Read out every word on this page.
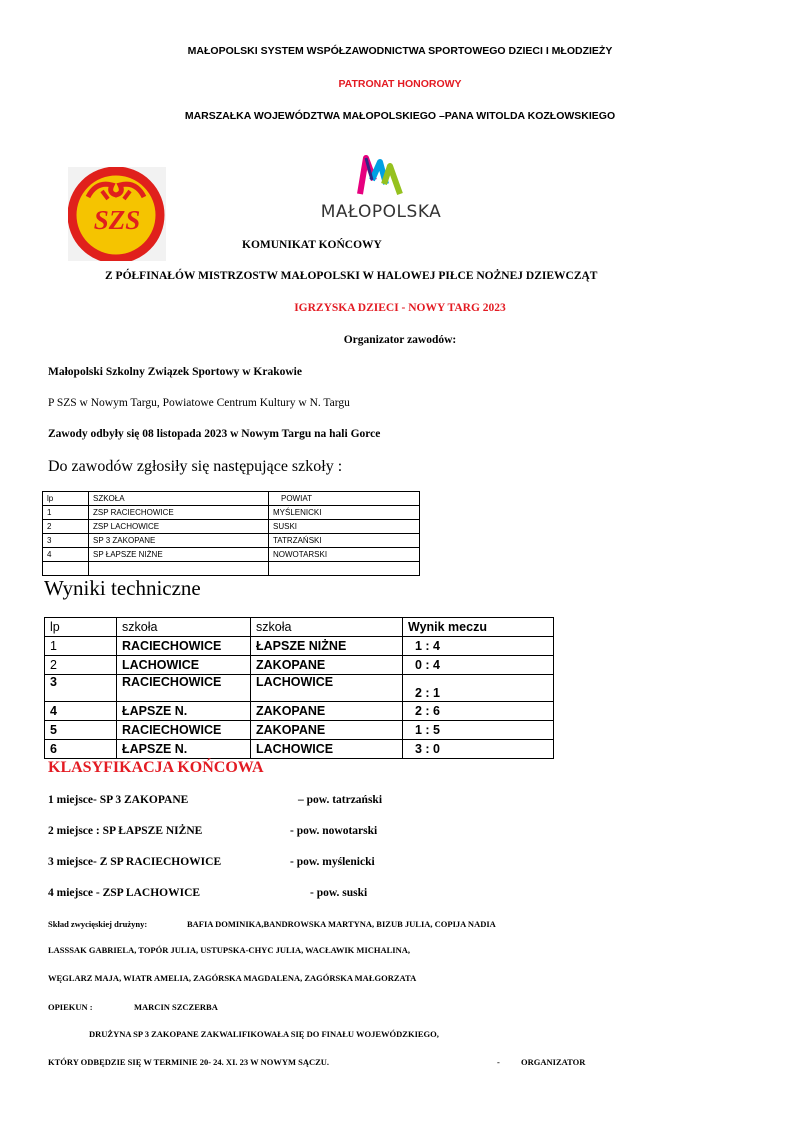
MAŁOPOLSKI SYSTEM WSPÓŁZAWODNICTWA SPORTOWEGO DZIECI I MŁODZIEŻY
PATRONAT HONOROWY
MARSZAŁKA WOJEWÓDZTWA MAŁOPOLSKIEGO –PANA WITOLDA KOZŁOWSKIEGO
SZS	MAŁOPOLSKA
KOMUNIKAT KOŃCOWY
Z PÓŁFINAŁÓW MISTRZOSTW MAŁOPOLSKI W HALOWEJ PIŁCE NOŻNEJ DZIEWCZĄT
IGRZYSKA DZIECI - NOWY TARG 2023
Organizator zawodów:
Małopolski Szkolny Związek Sportowy w Krakowie
P SZS w Nowym Targu, Powiatowe Centrum Kultury w N. Targu
Zawody odbyły się 08 listopada 2023 w Nowym Targu na hali Gorce
Do zawodów zgłosiły się następujące szkoły :
lp	SZKOŁA	POWIAT
1	ZSP RACIECHOWICE	MYŚLENICKI
2	ZSP LACHOWICE	SUSKI
3	SP 3 ZAKOPANE	TATRZAŃSKI
4	SP ŁAPSZE NIŻNE	NOWOTARSKI

Wyniki techniczne
lp	szkoła	szkoła	Wynik meczu
1	RACIECHOWICE	ŁAPSZE NIŻNE	1 : 4
2	LACHOWICE	ZAKOPANE	0 : 4
3	RACIECHOWICE	LACHOWICE	2 : 1
4	ŁAPSZE N.	ZAKOPANE	2 : 6
5	RACIECHOWICE	ZAKOPANE	1 : 5
6	ŁAPSZE N.	LACHOWICE	3 : 0
KLASYFIKACJA KOŃCOWA
1 miejsce- SP 3 ZAKOPANE	– pow. tatrzański
2 miejsce : SP ŁAPSZE NIŻNE	- pow. nowotarski
3 miejsce- Z SP RACIECHOWICE	- pow. myślenicki
4 miejsce - ZSP LACHOWICE	- pow. suski
Skład zwycięskiej drużyny:	BAFIA DOMINIKA,BANDROWSKA MARTYNA, BIZUB JULIA, COPIJA NADIA
LASSSAK GABRIELA, TOPÓR JULIA, USTUPSKA-CHYC JULIA, WACŁAWIK MICHALINA,
WĘGLARZ MAJA, WIATR AMELIA, ZAGÓRSKA MAGDALENA, ZAGÓRSKA MAŁGORZATA
OPIEKUN :	MARCIN SZCZERBA
DRUŻYNA SP 3 ZAKOPANE ZAKWALIFIKOWAŁA SIĘ DO FINAŁU WOJEWÓDZKIEGO,
KTÓRY ODBĘDZIE SIĘ W TERMINIE 20- 24. XI. 23 W NOWYM SĄCZU.	- ORGANIZATOR
